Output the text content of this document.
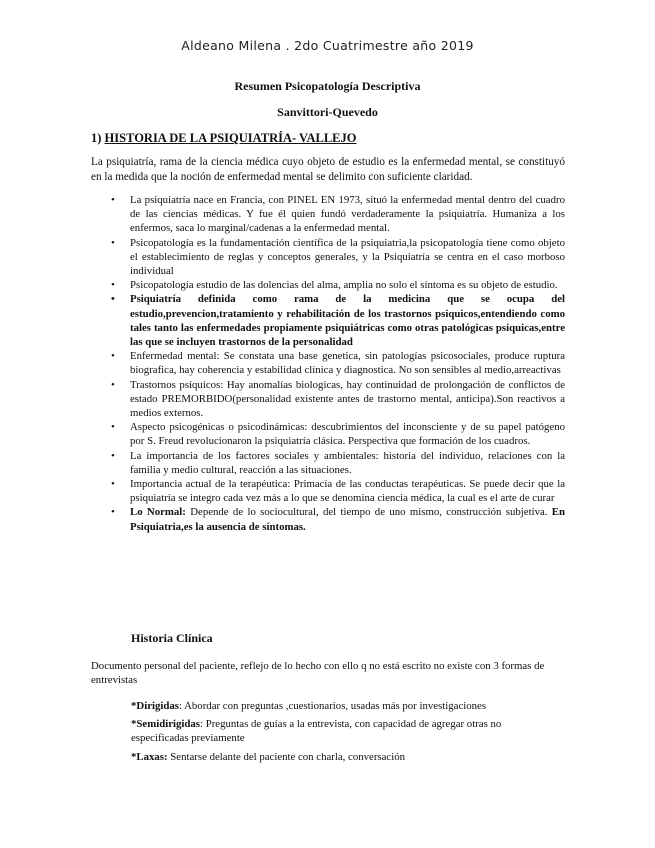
Aldeano Milena . 2do Cuatrimestre año 2019
Resumen Psicopatología Descriptiva
Sanvittori-Quevedo
1) HISTORIA DE LA PSIQUIATRÍA- VALLEJO
La psiquiatría, rama de la ciencia médica cuyo objeto de estudio es la enfermedad mental, se constituyó en la medida que la noción de enfermedad mental se delimito con suficiente claridad.
• La psiquiatría nace en Francia, con PINEL EN 1973, situó la enfermedad mental dentro del cuadro de las ciencias médicas. Y fue él quien fundó verdaderamente la psiquiatría. Humaniza a los enfermos, saca lo marginal/cadenas a la enfermedad mental.
• Psicopatología es la fundamentación científica de la psiquiatria,la psicopatología tiene como objeto el establecimiento de reglas y conceptos generales, y la Psiquiatría se centra en el caso morboso individual
• Psicopatología estudio de las dolencias del alma, amplia no solo el síntoma es su objeto de estudio.
• Psiquiatría definida como rama de la medicina que se ocupa del estudio,prevencion,tratamiento y rehabilitación de los trastornos psiquicos,entendiendo como tales tanto las enfermedades propiamente psiquiátricas como otras patológicas psiquicas,entre las que se incluyen trastornos de la personalidad
• Enfermedad mental: Se constata una base genetica, sin patologías psicosociales, produce ruptura biografica, hay coherencia y estabilidad clínica y diagnostica. No son sensibles al medio,arreactivas
• Trastornos psíquicos: Hay anomalías biologicas, hay continuidad de prolongación de conflictos de estado PREMORBIDO(personalidad existente antes de trastorno mental, anticipa).Son reactivos a medios externos.
• Aspecto psicogénicas o psicodinámicas: descubrimientos del inconsciente y de su papel patógeno por S. Freud revolucionaron la psiquiatría clásica. Perspectiva que formación de los cuadros.
• La importancia de los factores sociales y ambientales: historia del individuo, relaciones con la familia y medio cultural, reacción a las situaciones.
• Importancia actual de la terapéutica: Primacía de las conductas terapéuticas. Se puede decir que la psiquiatría se integro cada vez más a lo que se denomina ciencia médica, la cual es el arte de curar
• Lo Normal: Depende de lo sociocultural, del tiempo de uno mismo, construcción subjetiva. En Psiquiatria,es la ausencia de síntomas.
Historia Clínica
Documento personal del paciente, reflejo de lo hecho con ello q no está escrito no existe con 3 formas de entrevistas

*Dirigidas: Abordar con preguntas ,cuestionarios, usadas más por investigaciones

*Semidirigidas: Preguntas de guías a la entrevista, con capacidad de agregar otras no especificadas previamente

*Laxas: Sentarse delante del paciente con charla, conversación
